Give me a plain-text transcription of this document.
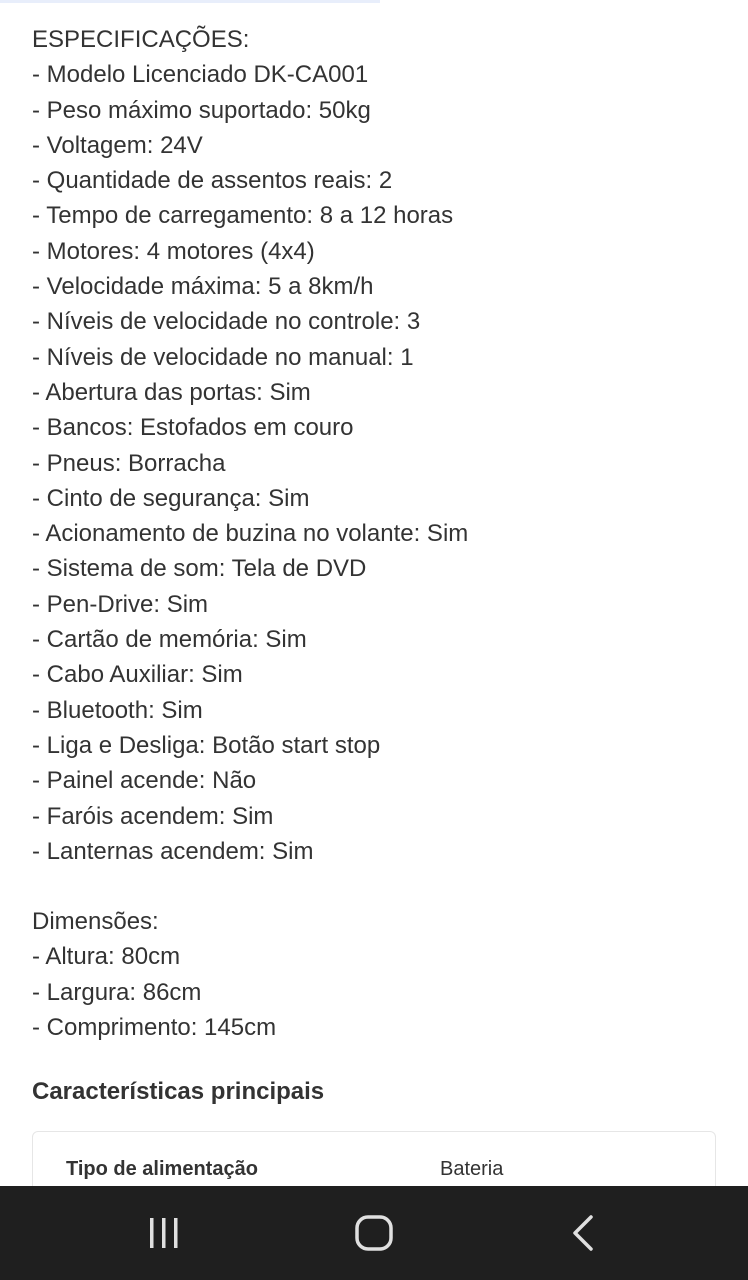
ESPECIFICAÇÕES:

- Modelo Licenciado DK-CA001

- Peso máximo suportado: 50kg

- Voltagem: 24V

- Quantidade de assentos reais: 2

- Tempo de carregamento: 8 a 12 horas

- Motores: 4 motores (4x4)

- Velocidade máxima: 5 a 8km/h

- Níveis de velocidade no controle: 3

- Níveis de velocidade no manual: 1

- Abertura das portas: Sim

- Bancos: Estofados em couro

- Pneus: Borracha

- Cinto de segurança: Sim

- Acionamento de buzina no volante: Sim

- Sistema de som: Tela de DVD

- Pen-Drive: Sim

- Cartão de memória: Sim

- Cabo Auxiliar: Sim

- Bluetooth: Sim

- Liga e Desliga: Botão start stop

- Painel acende: Não

- Faróis acendem: Sim

- Lanternas acendem: Sim

Dimensões:

- Altura: 80cm

- Largura: 86cm

- Comprimento: 145cm

Características principais
Tipo de alimentação	Bateria
